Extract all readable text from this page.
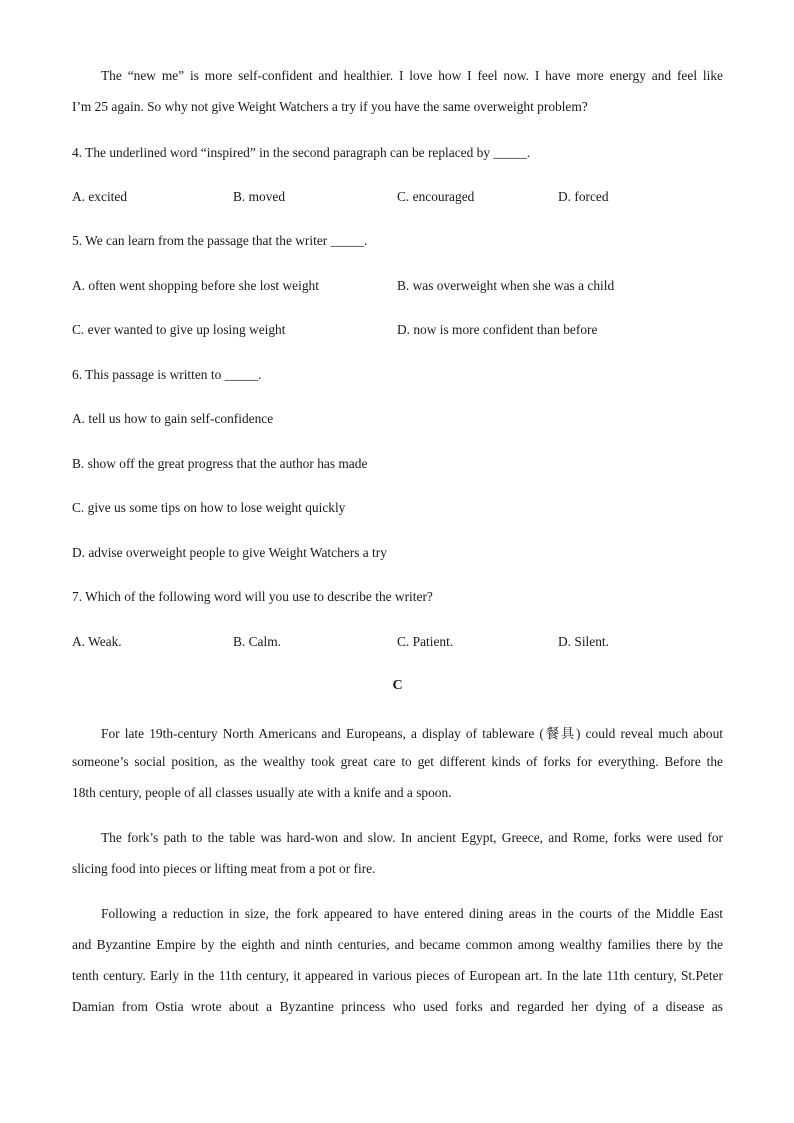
The “new me” is more self-confident and healthier. I love how I feel now. I have more energy and feel like
I’m 25 again. So why not give Weight Watchers a try if you have the same overweight problem?
4. The underlined word “inspired” in the second paragraph can be replaced by _____.
A. excited	B. moved	C. encouraged	D. forced
5. We can learn from the passage that the writer _____.
A. often went shopping before she lost weight	B. was overweight when she was a child
C. ever wanted to give up losing weight	D. now is more confident than before
6. This passage is written to _____.
A. tell us how to gain self-confidence
B. show off the great progress that the author has made
C. give us some tips on how to lose weight quickly
D. advise overweight people to give Weight Watchers a try
7. Which of the following word will you use to describe the writer?
A. Weak.	B. Calm.	C. Patient.	D. Silent.
C
For late 19th-century North Americans and Europeans, a display of tableware (餐具) could reveal much about
someone’s social position, as the wealthy took great care to get different kinds of forks for everything. Before the
18th century, people of all classes usually ate with a knife and a spoon.
The fork’s path to the table was hard-won and slow. In ancient Egypt, Greece, and Rome, forks were used for
slicing food into pieces or lifting meat from a pot or fire.
Following a reduction in size, the fork appeared to have entered dining areas in the courts of the Middle East
and Byzantine Empire by the eighth and ninth centuries, and became common among wealthy families there by the
tenth century. Early in the 11th century, it appeared in various pieces of European art. In the late 11th century, St.Peter
Damian from Ostia wrote about a Byzantine princess who used forks and regarded her dying of a disease as
